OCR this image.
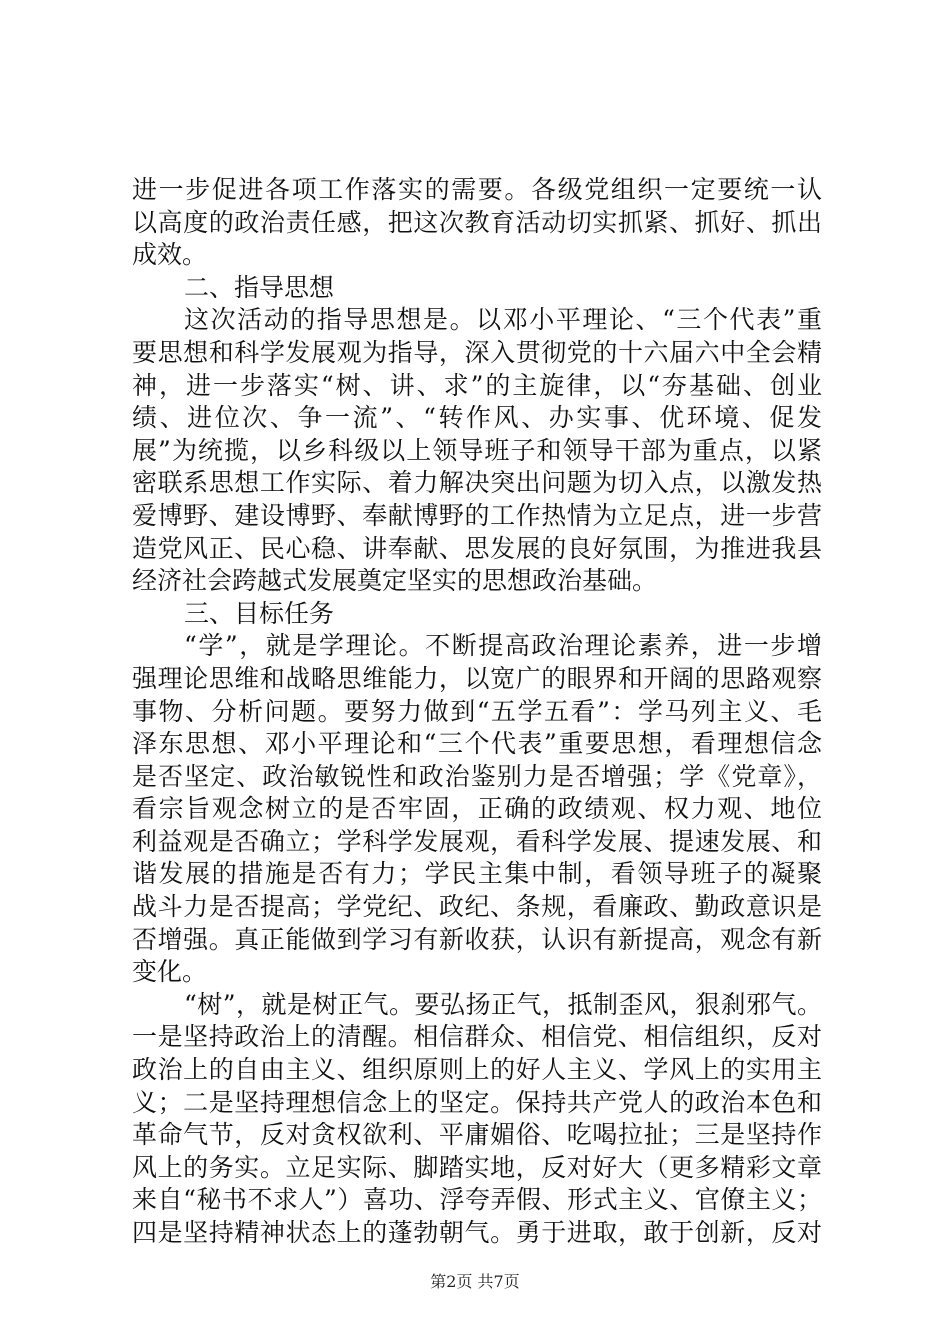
进一步促进各项工作落实的需要。各级党组织一定要统一认
以高度的政治责任感，把这次教育活动切实抓紧、抓好、抓出
成效。
二、指导思想
这次活动的指导思想是。以邓小平理论、“三个代表”重
要思想和科学发展观为指导，深入贯彻党的十六届六中全会精
神，进一步落实“树、讲、求”的主旋律，以“夯基础、创业
绩、进位次、争一流”、“转作风、办实事、优环境、促发
展”为统揽，以乡科级以上领导班子和领导干部为重点，以紧
密联系思想工作实际、着力解决突出问题为切入点，以激发热
爱博野、建设博野、奉献博野的工作热情为立足点，进一步营
造党风正、民心稳、讲奉献、思发展的良好氛围，为推进我县
经济社会跨越式发展奠定坚实的思想政治基础。
三、目标任务
“学”，就是学理论。不断提高政治理论素养，进一步增
强理论思维和战略思维能力，以宽广的眼界和开阔的思路观察
事物、分析问题。要努力做到“五学五看”：学马列主义、毛
泽东思想、邓小平理论和“三个代表”重要思想，看理想信念
是否坚定、政治敏锐性和政治鉴别力是否增强；学《党章》，
看宗旨观念树立的是否牢固，正确的政绩观、权力观、地位
利益观是否确立；学科学发展观，看科学发展、提速发展、和
谐发展的措施是否有力；学民主集中制，看领导班子的凝聚
战斗力是否提高；学党纪、政纪、条规，看廉政、勤政意识是
否增强。真正能做到学习有新收获，认识有新提高，观念有新
变化。
“树”，就是树正气。要弘扬正气，抵制歪风，狠刹邪气。
一是坚持政治上的清醒。相信群众、相信党、相信组织，反对
政治上的自由主义、组织原则上的好人主义、学风上的实用主
义；二是坚持理想信念上的坚定。保持共产党人的政治本色和
革命气节，反对贪权欲利、平庸媚俗、吃喝拉扯；三是坚持作
风上的务实。立足实际、脚踏实地，反对好大（更多精彩文章
来自“秘书不求人”）喜功、浮夸弄假、形式主义、官僚主义；
四是坚持精神状态上的蓬勃朝气。勇于进取，敢于创新，反对
第2页 共7页
